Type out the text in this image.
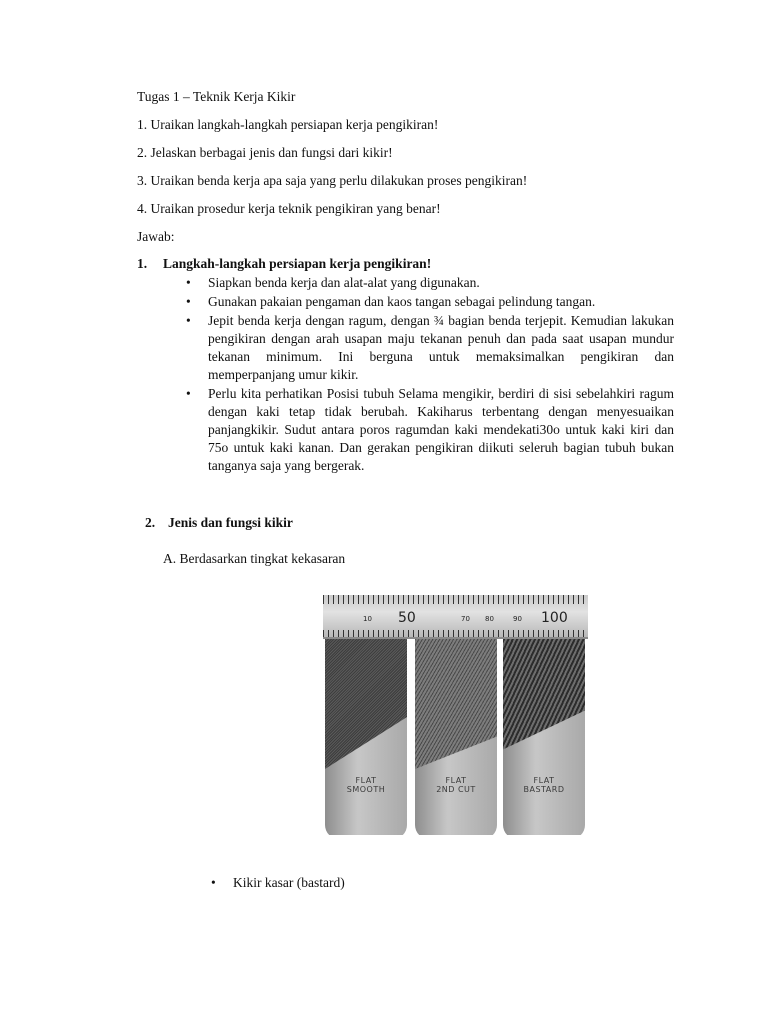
Tugas 1 – Teknik Kerja Kikir
1. Uraikan langkah-langkah persiapan kerja pengikiran!
2. Jelaskan berbagai jenis dan fungsi dari kikir!
3. Uraikan benda kerja apa saja yang perlu dilakukan proses pengikiran!
4. Uraikan prosedur kerja teknik pengikiran yang benar!
Jawab:
1. Langkah-langkah persiapan kerja pengikiran!
• Siapkan benda kerja dan alat-alat yang digunakan.
• Gunakan pakaian pengaman dan kaos tangan sebagai pelindung tangan.
• Jepit benda kerja dengan ragum, dengan ¾ bagian benda terjepit. Kemudian lakukan pengikiran dengan arah usapan maju tekanan penuh dan pada saat usapan mundur tekanan minimum. Ini berguna untuk memaksimalkan pengikiran dan memperpanjang umur kikir.
• Perlu kita perhatikan Posisi tubuh Selama mengikir, berdiri di sisi sebelahkiri ragum dengan kaki tetap tidak berubah. Kakiharus terbentang dengan menyesuaikan panjangkikir. Sudut antara poros ragumdan kaki mendekati30o untuk kaki kiri dan 75o untuk kaki kanan. Dan gerakan pengikiran diikuti seleruh bagian tubuh bukan tanganya saja yang bergerak.
2. Jenis dan fungsi kikir
A. Berdasarkan tingkat kekasaran
10 50	70 80	90 100
FLAT
SMOOTH
FLAT
2ND CUT
FLAT
BASTARD
• Kikir kasar (bastard)
